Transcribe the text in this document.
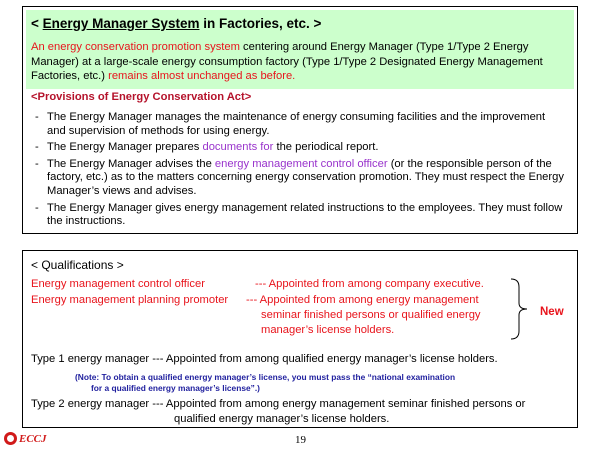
< Energy Manager System in Factories, etc. >
An energy conservation promotion system centering around Energy Manager (Type 1/Type 2 Energy Manager) at a large-scale energy consumption factory (Type 1/Type 2 Designated Energy Management Factories, etc.) remains almost unchanged as before.
<Provisions of Energy Conservation Act>
- The Energy Manager manages the maintenance of energy consuming facilities and the improvement and supervision of methods for using energy.
- The Energy Manager prepares documents for the periodical report.
- The Energy Manager advises the energy management control officer (or the responsible person of the factory, etc.) as to the matters concerning energy conservation promotion. They must respect the Energy Manager’s views and advises.
- The Energy Manager gives energy management related instructions to the employees. They must follow the instructions.
< Qualifications >
Energy management control officer	--- Appointed from among company executive.
Energy management planning promoter --- Appointed from among energy management
seminar finished persons or qualified energy
manager’s license holders.
New
Type 1 energy manager --- Appointed from among qualified energy manager’s license holders.
(Note: To obtain a qualified energy manager’s license, you must pass the “national examination
for a qualified energy manager’s license”.)
Type 2 energy manager --- Appointed from among energy management seminar finished persons or
qualified energy manager’s license holders.
ECCJ	19
